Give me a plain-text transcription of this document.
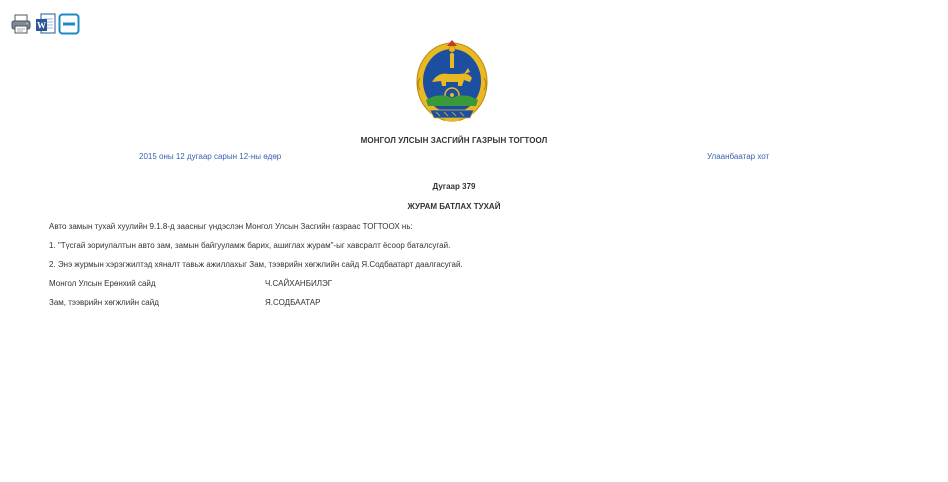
W
МОНГОЛ УЛСЫН ЗАСГИЙН ГАЗРЫН ТОГТООЛ
2015 оны 12 дугаар сарын 12-ны өдөр	Улаанбаатар хот
Дугаар 379
ЖУРАМ БАТЛАХ ТУХАЙ
Авто замын тухай хуулийн 9.1.8-д заасныг үндэслэн Монгол Улсын Засгийн газраас ТОГТООХ нь:
1. "Түсгай зориулалтын авто зам, замын байгууламж барих, ашиглах журам"-ыг хавсралт ёсоор баталсугай.
2. Энэ журмын хэрэгжилтэд хяналт тавьж ажиллахыг Зам, тээврийн хөгжлийн сайд Я.Содбаатарт даалгасугай.
Монгол Улсын Ерөнхий сайд	Ч.САЙХАНБИЛЭГ
Зам, тээврийн хөгжлийн сайд	Я.СОДБААТАР
